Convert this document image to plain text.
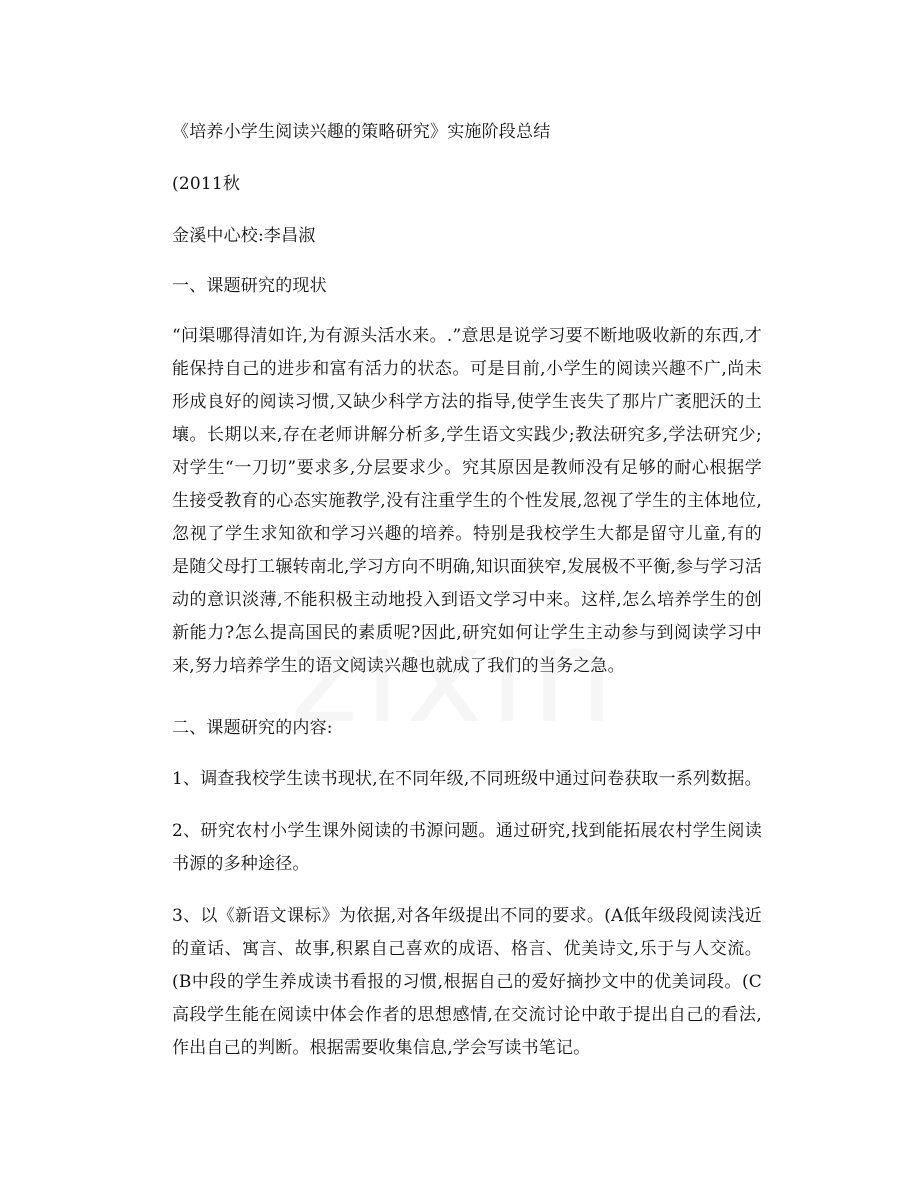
《培养小学生阅读兴趣的策略研究》实施阶段总结

(2011秋

金溪中心校:李昌淑

一、课题研究的现状

“问渠哪得清如许,为有源头活水来。.”意思是说学习要不断地吸收新的东西,才能保持自己的进步和富有活力的状态。可是目前,小学生的阅读兴趣不广,尚未形成良好的阅读习惯,又缺少科学方法的指导,使学生丧失了那片广袤肥沃的土壤。长期以来,存在老师讲解分析多,学生语文实践少;教法研究多,学法研究少;对学生“一刀切”要求多,分层要求少。究其原因是教师没有足够的耐心根据学生接受教育的心态实施教学,没有注重学生的个性发展,忽视了学生的主体地位,忽视了学生求知欲和学习兴趣的培养。特别是我校学生大都是留守儿童,有的是随父母打工辗转南北,学习方向不明确,知识面狭窄,发展极不平衡,参与学习活动的意识淡薄,不能积极主动地投入到语文学习中来。这样,怎么培养学生的创新能力?怎么提高国民的素质呢?因此,研究如何让学生主动参与到阅读学习中来,努力培养学生的语文阅读兴趣也就成了我们的当务之急。

二、课题研究的内容:

1、调查我校学生读书现状,在不同年级,不同班级中通过问卷获取一系列数据。

2、研究农村小学生课外阅读的书源问题。通过研究,找到能拓展农村学生阅读书源的多种途径。

3、以《新语文课标》为依据,对各年级提出不同的要求。(A低年级段阅读浅近的童话、寓言、故事,积累自己喜欢的成语、格言、优美诗文,乐于与人交流。(B中段的学生养成读书看报的习惯,根据自己的爱好摘抄文中的优美词段。(C高段学生能在阅读中体会作者的思想感情,在交流讨论中敢于提出自己的看法,作出自己的判断。根据需要收集信息,学会写读书笔记。
